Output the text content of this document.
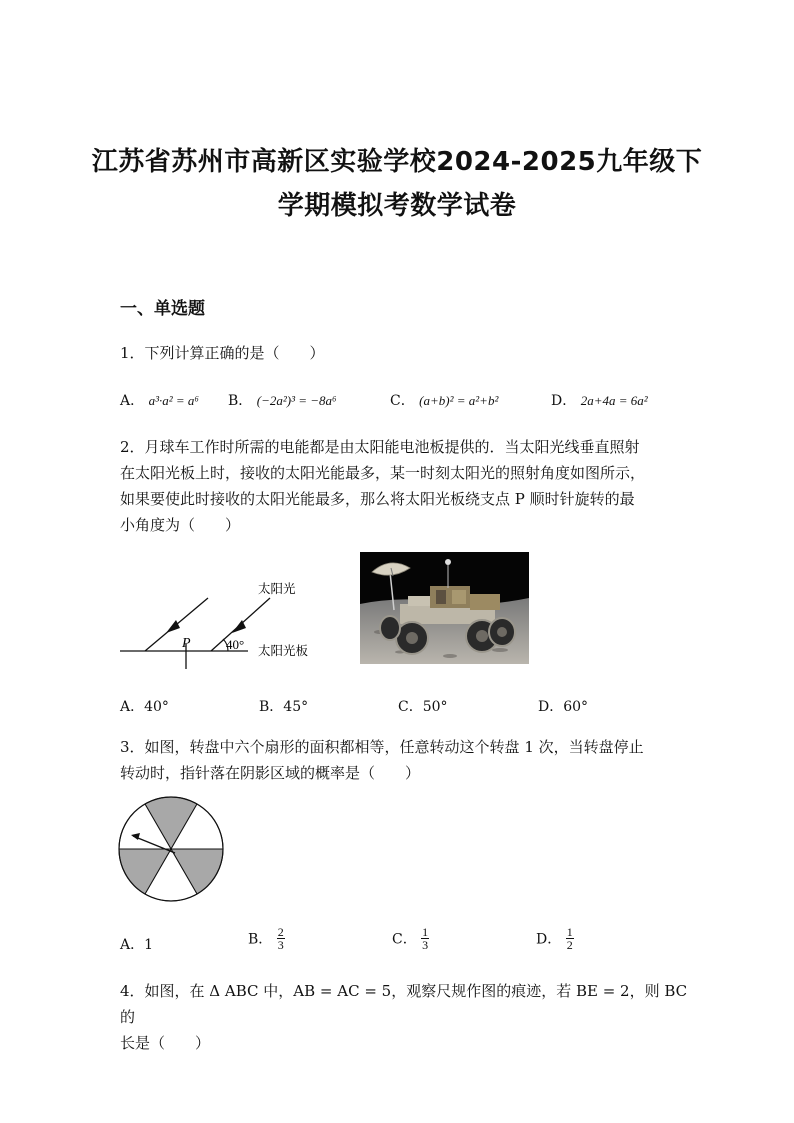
江苏省苏州市高新区实验学校2024-2025九年级下
学期模拟考数学试卷
一、单选题
1．下列计算正确的是（　　）
A． a³·a² = a⁶ B． (−2a²)³ = −8a⁶	C． (a+b)² = a²+b²	D． 2a+4a = 6a²
2．月球车工作时所需的电能都是由太阳能电池板提供的．当太阳光线垂直照射
在太阳光板上时，接收的太阳光能最多，某一时刻太阳光的照射角度如图所示，
如果要使此时接收的太阳光能最多，那么将太阳光板绕支点 P 顺时针旋转的最
小角度为（　　）
P	40°
太阳光
太阳光板
A．40°	B．45°	C．50°	D．60°
3．如图，转盘中六个扇形的面积都相等，任意转动这个转盘 1 次，当转盘停止
转动时，指针落在阴影区域的概率是（　　）
A．1	B． $\frac{2}{3}$	C． $\frac{1}{3}$	D． $\frac{1}{2}$
4．如图，在 Δ ABC 中，AB = AC = 5，观察尺规作图的痕迹，若 BE = 2，则 BC 的
长是（　　）
